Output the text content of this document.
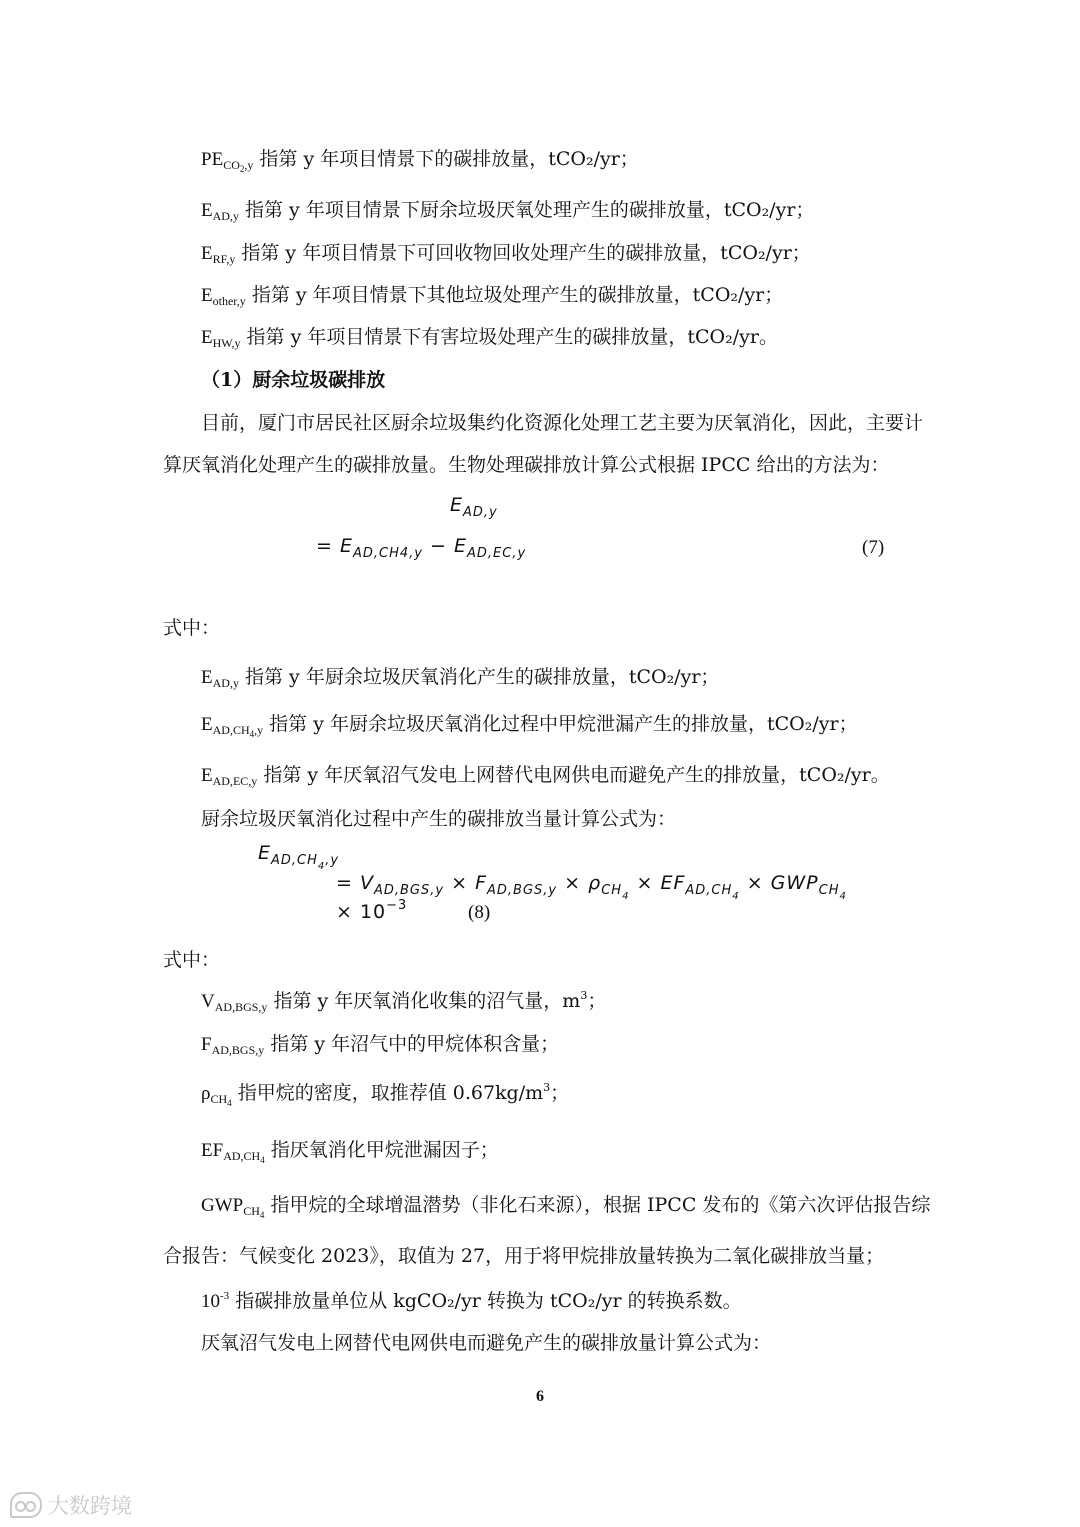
$PE_{CO_2,y}$ 指第 y 年项目情景下的碳排放量，tCO₂/yr；
$E_{AD,y}$ 指第 y 年项目情景下厨余垃圾厌氧处理产生的碳排放量，tCO₂/yr；
$E_{RF,y}$ 指第 y 年项目情景下可回收物回收处理产生的碳排放量，tCO₂/yr；
$E_{other,y}$ 指第 y 年项目情景下其他垃圾处理产生的碳排放量，tCO₂/yr；
$E_{HW,y}$ 指第 y 年项目情景下有害垃圾处理产生的碳排放量，tCO₂/yr。
（1）厨余垃圾碳排放
目前，厦门市居民社区厨余垃圾集约化资源化处理工艺主要为厌氧消化，因此，主要计
算厌氧消化处理产生的碳排放量。生物处理碳排放计算公式根据 IPCC 给出的方法为：
$E_{AD,y}$
= $E_{AD,CH4,y} - E_{AD,EC,y}$	(7)
式中：
$E_{AD,y}$ 指第 y 年厨余垃圾厌氧消化产生的碳排放量，tCO₂/yr；
$E_{AD,CH_4,y}$ 指第 y 年厨余垃圾厌氧消化过程中甲烷泄漏产生的排放量，tCO₂/yr；
$E_{AD,EC,y}$ 指第 y 年厌氧沼气发电上网替代电网供电而避免产生的排放量，tCO₂/yr。
厨余垃圾厌氧消化过程中产生的碳排放当量计算公式为：
$E_{AD,CH_4,y}$
= $V_{AD,BGS,y} \times F_{AD,BGS,y} \times \rho_{CH_4} \times EF_{AD,CH_4} \times GWP_{CH_4}$
× $10^{-3}$	(8)
式中：
$V_{AD,BGS,y}$ 指第 y 年厌氧消化收集的沼气量，$m^3$；
$F_{AD,BGS,y}$ 指第 y 年沼气中的甲烷体积含量；
$\rho_{CH_4}$ 指甲烷的密度，取推荐值 $0.67kg/m^3$；
$EF_{AD,CH_4}$ 指厌氧消化甲烷泄漏因子；
$GWP_{CH_4}$ 指甲烷的全球增温潜势（非化石来源），根据 IPCC 发布的《第六次评估报告综
合报告：气候变化 2023》，取值为 27，用于将甲烷排放量转换为二氧化碳排放当量；
$10^{-3}$ 指碳排放量单位从 kgCO₂/yr 转换为 tCO₂/yr 的转换系数。
厌氧沼气发电上网替代电网供电而避免产生的碳排放量计算公式为：
6
大数跨境
